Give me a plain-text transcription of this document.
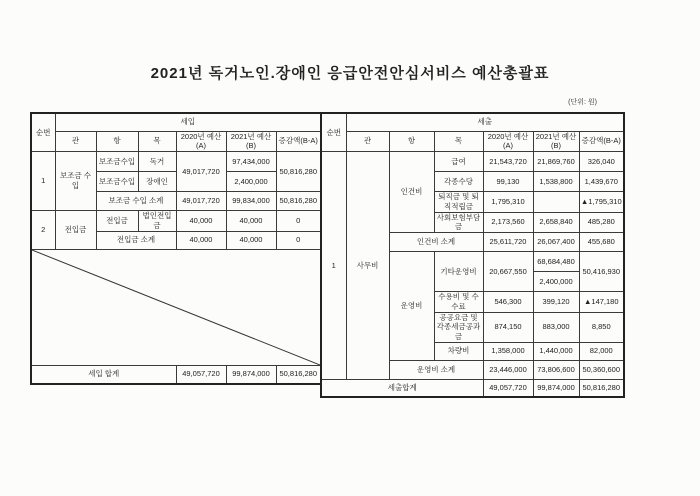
2021년 독거노인.장애인 응급안전안심서비스 예산총괄표
(단위: 원)
순번	세입					
	관	항	목	2020년 예산(A)	2021년 예산(B)	증감액(B-A)
1	보조금 수입	보조금수입	독거	49,017,720	97,434,000	50,816,280
		보조금수입	장애인		2,400,000	
		보조금 수입 소계		49,017,720	99,834,000	50,816,280
2	전입금	전입금	법인전입금	40,000	40,000	0
		전입금 소계		40,000	40,000	0

세입 합계				49,057,720	99,874,000	50,816,280
순번	세출					
	관	항	목	2020년 예산 (A)	2021년 예산 (B)	증감액(B-A)
1	사무비	인건비	급여	21,543,720	21,869,760	326,040
			각종수당	99,130	1,538,800	1,439,670
			퇴직금 및 퇴직적립금	1,795,310		▲1,795,310
			사회보험부담금	2,173,560	2,658,840	485,280
		인건비 소계		25,611,720	26,067,400	455,680
		운영비	기타운영비	20,667,550	68,684,480	50,416,930
					2,400,000	
			수용비 및 수수료	546,300	399,120	▲147,180
			공공요금 및 각종세금공과금	874,150	883,000	8,850
			차량비	1,358,000	1,440,000	82,000
		운영비 소계		23,446,000	73,806,600	50,360,600
세출합계				49,057,720	99,874,000	50,816,280
